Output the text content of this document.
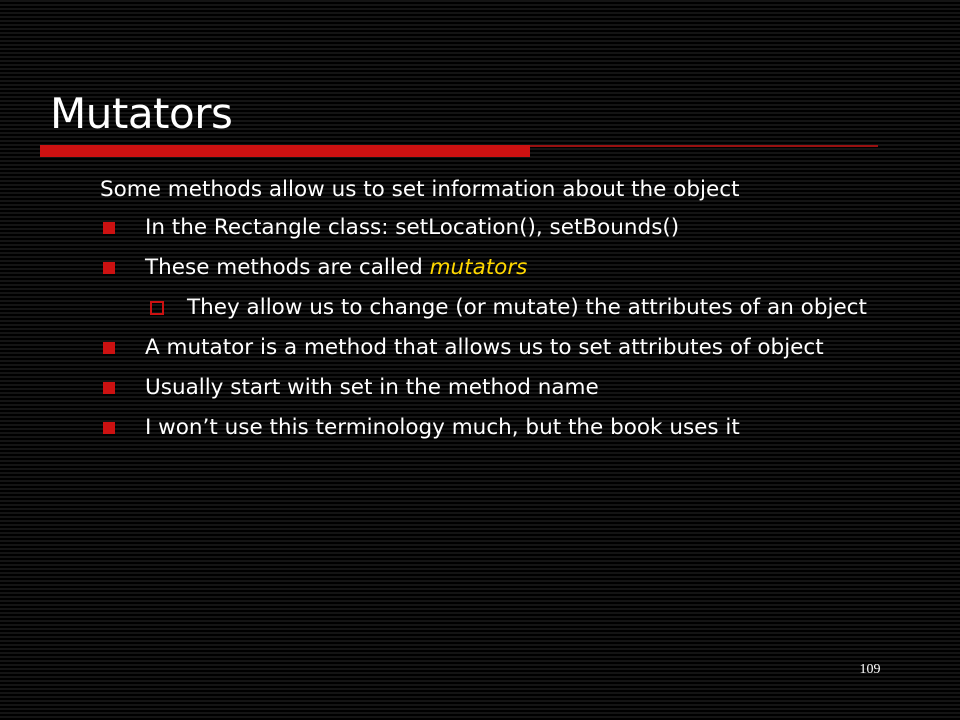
Mutators
Some methods allow us to set information about the object
In the Rectangle class: setLocation(), setBounds()
These methods are called mutators
They allow us to change (or mutate) the attributes of an object
A mutator is a method that allows us to set attributes of object
Usually start with set in the method name
I won’t use this terminology much, but the book uses it
109
